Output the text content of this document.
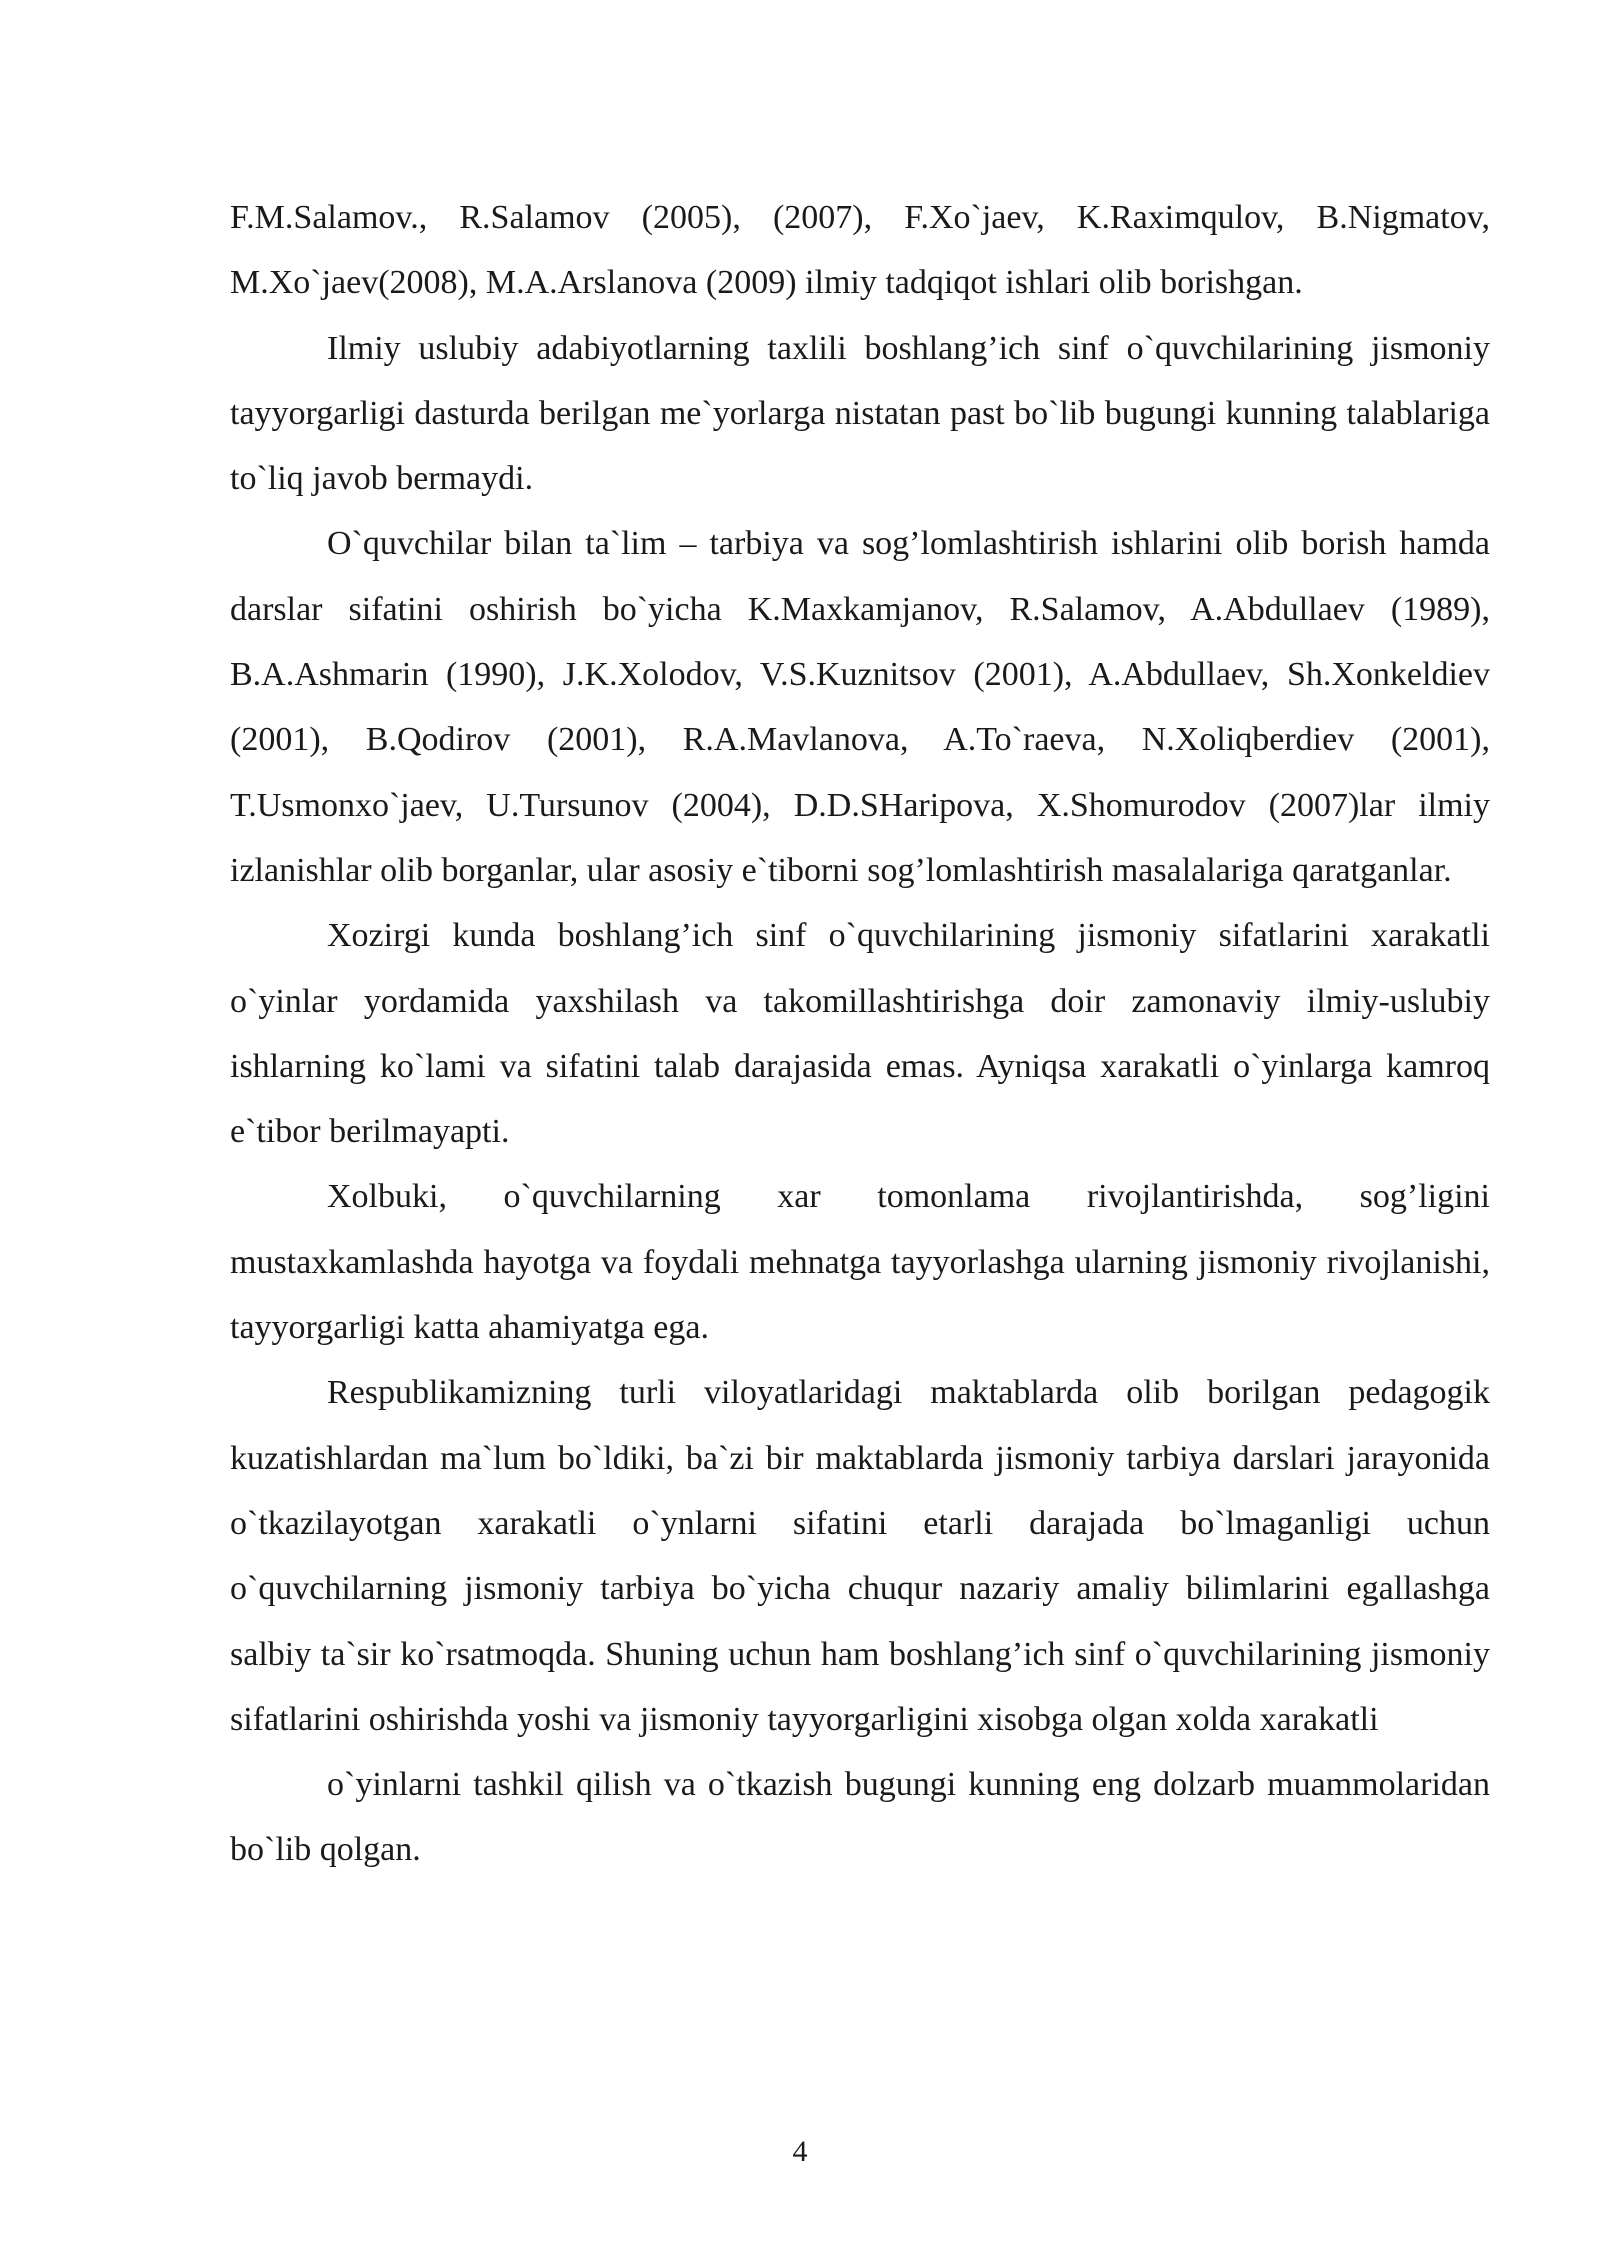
F.M.Salamov., R.Salamov (2005), (2007), F.Xo`jaev, K.Raximqulov, B.Nigmatov, M.Xo`jaev(2008), M.A.Arslanova (2009) ilmiy tadqiqot ishlari olib borishgan.

Ilmiy uslubiy adabiyotlarning taxlili boshlang’ich sinf o`quvchilarining jismoniy tayyorgarligi dasturda berilgan me`yorlarga nistatan past bo`lib bugungi kunning talablariga to`liq javob bermaydi.

O`quvchilar bilan ta`lim – tarbiya va sog’lomlashtirish ishlarini olib borish hamda darslar sifatini oshirish bo`yicha K.Maxkamjanov, R.Salamov, A.Abdullaev (1989), B.A.Ashmarin (1990), J.K.Xolodov, V.S.Kuznitsov (2001), A.Abdullaev, Sh.Xonkeldiev (2001), B.Qodirov (2001), R.A.Mavlanova, A.To`raeva, N.Xoliqberdiev (2001), T.Usmonxo`jaev, U.Tursunov (2004), D.D.SHaripova, X.Shomurodov (2007)lar ilmiy izlanishlar olib borganlar, ular asosiy e`tiborni sog’lomlashtirish masalalariga qaratganlar.

Xozirgi kunda boshlang’ich sinf o`quvchilarining jismoniy sifatlarini xarakatli o`yinlar yordamida yaxshilash va takomillashtirishga doir zamonaviy ilmiy-uslubiy ishlarning ko`lami va sifatini talab darajasida emas. Ayniqsa xarakatli o`yinlarga kamroq e`tibor berilmayapti.

Xolbuki, o`quvchilarning xar tomonlama rivojlantirishda, sog’ligini mustaxkamlashda hayotga va foydali mehnatga tayyorlashga ularning jismoniy rivojlanishi, tayyorgarligi katta ahamiyatga ega.

Respublikamizning turli viloyatlaridagi maktablarda olib borilgan pedagogik kuzatishlardan ma`lum bo`ldiki, ba`zi bir maktablarda jismoniy tarbiya darslari jarayonida o`tkazilayotgan xarakatli o`ynlarni sifatini etarli darajada bo`lmaganligi uchun o`quvchilarning jismoniy tarbiya bo`yicha chuqur nazariy amaliy bilimlarini egallashga salbiy ta`sir ko`rsatmoqda. Shuning uchun ham boshlang’ich sinf o`quvchilarining jismoniy sifatlarini oshirishda yoshi va jismoniy tayyorgarligini xisobga olgan xolda xarakatli

o`yinlarni tashkil qilish va o`tkazish bugungi kunning eng dolzarb muammolaridan bo`lib qolgan.

4
